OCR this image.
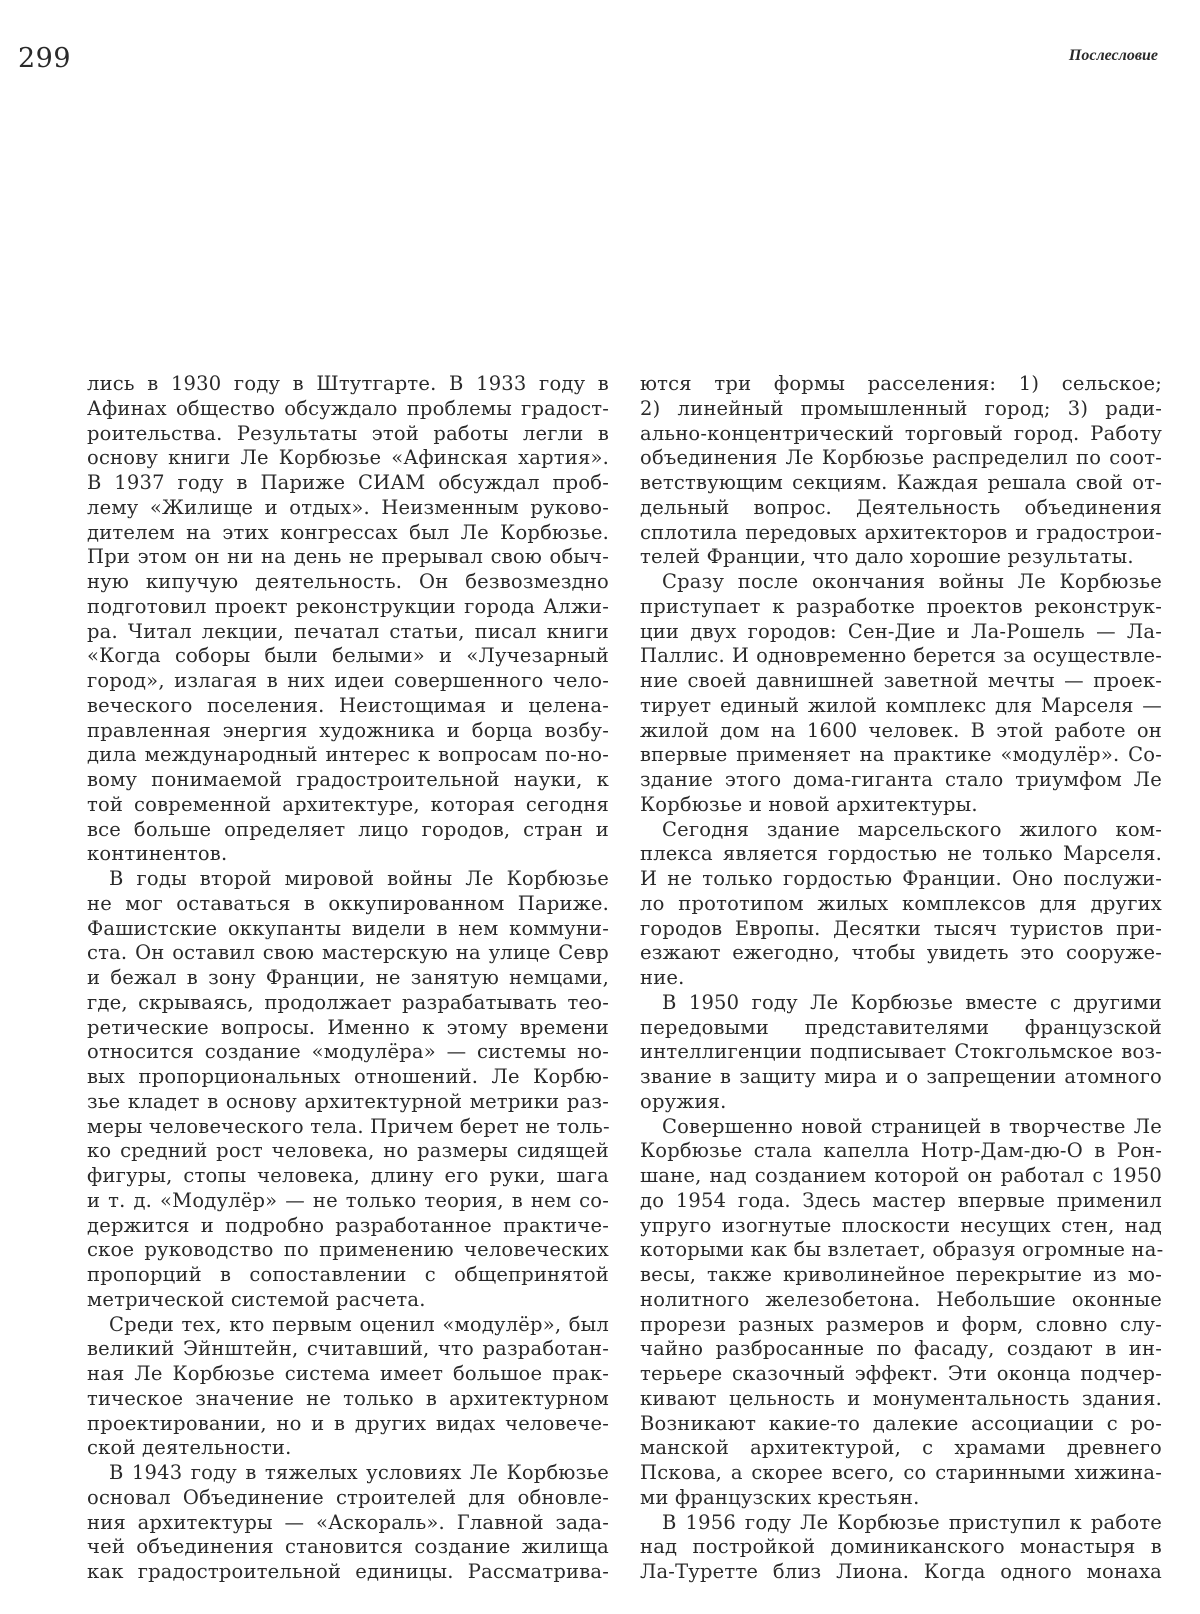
299	Послесловие
лись в 1930 году в Штутгарте. В 1933 году в
Афинах общество обсуждало проблемы градост-
роительства. Результаты этой работы легли в
основу книги Ле Корбюзье «Афинская хартия».
В 1937 году в Париже СИАМ обсуждал проб-
лему «Жилище и отдых». Неизменным руково-
дителем на этих конгрессах был Ле Корбюзье.
При этом он ни на день не прерывал свою обыч-
ную кипучую деятельность. Он безвозмездно
подготовил проект реконструкции города Алжи-
ра. Читал лекции, печатал статьи, писал книги
«Когда соборы были белыми» и «Лучезарный
город», излагая в них идеи совершенного чело-
веческого поселения. Неистощимая и целена-
правленная энергия художника и борца возбу-
дила международный интерес к вопросам по-но-
вому понимаемой градостроительной науки, к
той современной архитектуре, которая сегодня
все больше определяет лицо городов, стран и
континентов.
В годы второй мировой войны Ле Корбюзье
не мог оставаться в оккупированном Париже.
Фашистские оккупанты видели в нем коммуни-
ста. Он оставил свою мастерскую на улице Севр
и бежал в зону Франции, не занятую немцами,
где, скрываясь, продолжает разрабатывать тео-
ретические вопросы. Именно к этому времени
относится создание «модулёра» — системы но-
вых пропорциональных отношений. Ле Корбю-
зье кладет в основу архитектурной метрики раз-
меры человеческого тела. Причем берет не толь-
ко средний рост человека, но размеры сидящей
фигуры, стопы человека, длину его руки, шага
и т. д. «Модулёр» — не только теория, в нем со-
держится и подробно разработанное практиче-
ское руководство по применению человеческих
пропорций в сопоставлении с общепринятой
метрической системой расчета.
Среди тех, кто первым оценил «модулёр», был
великий Эйнштейн, считавший, что разработан-
ная Ле Корбюзье система имеет большое прак-
тическое значение не только в архитектурном
проектировании, но и в других видах человече-
ской деятельности.
В 1943 году в тяжелых условиях Ле Корбюзье
основал Объединение строителей для обновле-
ния архитектуры — «Аскораль». Главной зада-
чей объединения становится создание жилища
как градостроительной единицы. Рассматрива-
ются три формы расселения: 1) сельское;
2) линейный промышленный город; 3) ради-
ально-концентрический торговый город. Работу
объединения Ле Корбюзье распределил по соот-
ветствующим секциям. Каждая решала свой от-
дельный вопрос. Деятельность объединения
сплотила передовых архитекторов и градострои-
телей Франции, что дало хорошие результаты.
Сразу после окончания войны Ле Корбюзье
приступает к разработке проектов реконструк-
ции двух городов: Сен-Дие и Ла-Рошель — Ла-
Паллис. И одновременно берется за осуществле-
ние своей давнишней заветной мечты — проек-
тирует единый жилой комплекс для Марселя —
жилой дом на 1600 человек. В этой работе он
впервые применяет на практике «модулёр». Со-
здание этого дома-гиганта стало триумфом Ле
Корбюзье и новой архитектуры.
Сегодня здание марсельского жилого ком-
плекса является гордостью не только Марселя.
И не только гордостью Франции. Оно послужи-
ло прототипом жилых комплексов для других
городов Европы. Десятки тысяч туристов при-
езжают ежегодно, чтобы увидеть это сооруже-
ние.
В 1950 году Ле Корбюзье вместе с другими
передовыми представителями французской
интеллигенции подписывает Стокгольмское воз-
звание в защиту мира и о запрещении атомного
оружия.
Совершенно новой страницей в творчестве Ле
Корбюзье стала капелла Нотр-Дам-дю-О в Рон-
шане, над созданием которой он работал с 1950
до 1954 года. Здесь мастер впервые применил
упруго изогнутые плоскости несущих стен, над
которыми как бы взлетает, образуя огромные на-
весы, также криволинейное перекрытие из мо-
нолитного железобетона. Небольшие оконные
прорези разных размеров и форм, словно слу-
чайно разбросанные по фасаду, создают в ин-
терьере сказочный эффект. Эти оконца подчер-
кивают цельность и монументальность здания.
Возникают какие-то далекие ассоциации с ро-
манской архитектурой, с храмами древнего
Пскова, а скорее всего, со старинными хижина-
ми французских крестьян.
В 1956 году Ле Корбюзье приступил к работе
над постройкой доминиканского монастыря в
Ла-Туретте близ Лиона. Когда одного монаха
